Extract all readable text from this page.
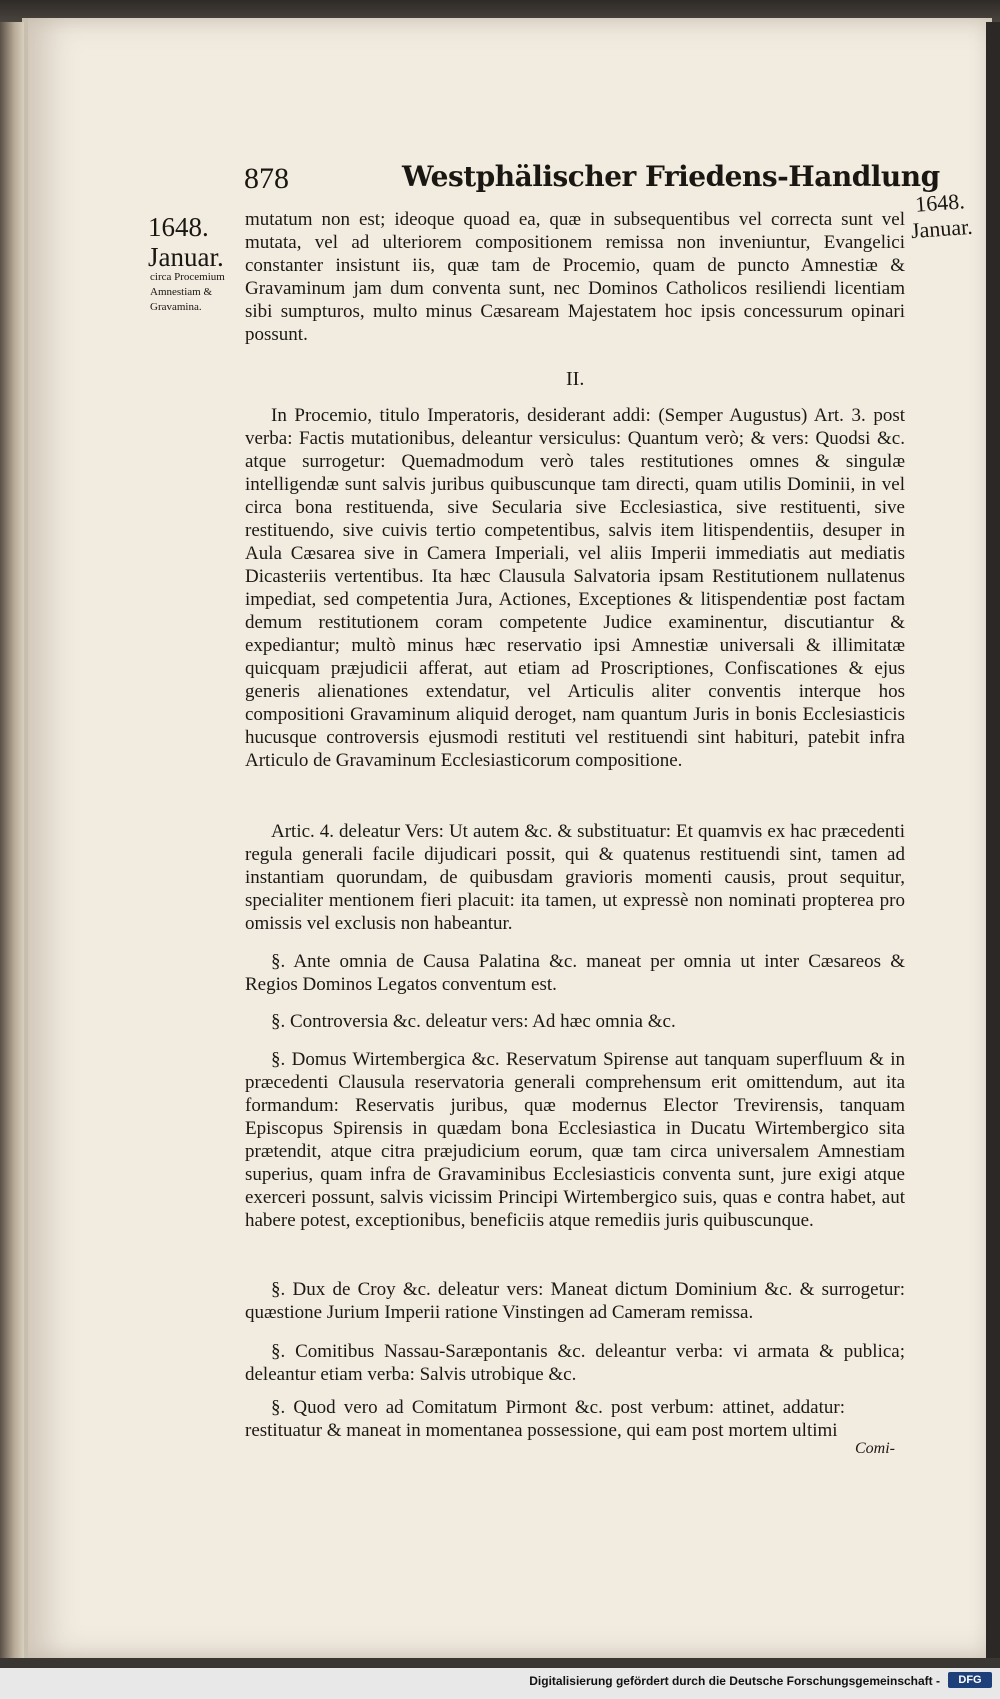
878	Westphälischer Friedens-Handlung
1648.
Januar.
circa Procemium Amnestiam & Gravamina.
1648.
Januar.
mutatum non est; ideoque quoad ea, quæ in subsequentibus vel correcta sunt vel mutata, vel ad ulteriorem compositionem remissa non inveniuntur, Evangelici constanter insistunt iis, quæ tam de Procemio, quam de puncto Amnestiæ & Gravaminum jam dum conventa sunt, nec Dominos Catholicos resiliendi licentiam sibi sumpturos, multo minus Cæsaream Majestatem hoc ipsis concessurum opinari possunt.
II.
In Procemio, titulo Imperatoris, desiderant addi: (Semper Augustus) Art. 3. post verba: Factis mutationibus, deleantur versiculus: Quantum verò; & vers: Quodsi &c. atque surrogetur: Quemadmodum verò tales restitutiones omnes & singulæ intelligendæ sunt salvis juribus quibuscunque tam directi, quam utilis Dominii, in vel circa bona restituenda, sive Secularia sive Ecclesiastica, sive restituenti, sive restituendo, sive cuivis tertio competentibus, salvis item litispendentiis, desuper in Aula Cæsarea sive in Camera Imperiali, vel aliis Imperii immediatis aut mediatis Dicasteriis vertentibus. Ita hæc Clausula Salvatoria ipsam Restitutionem nullatenus impediat, sed competentia Jura, Actiones, Exceptiones & litispendentiæ post factam demum restitutionem coram competente Judice examinentur, discutiantur & expediantur; multò minus hæc reservatio ipsi Amnestiæ universali & illimitatæ quicquam præjudicii afferat, aut etiam ad Proscriptiones, Confiscationes & ejus generis alienationes extendatur, vel Articulis aliter conventis interque hos compositioni Gravaminum aliquid deroget, nam quantum Juris in bonis Ecclesiasticis hucusque controversis ejusmodi restituti vel restituendi sint habituri, patebit infra Articulo de Gravaminum Ecclesiasticorum compositione.
Artic. 4. deleatur Vers: Ut autem &c. & substituatur: Et quamvis ex hac præcedenti regula generali facile dijudicari possit, qui & quatenus restituendi sint, tamen ad instantiam quorundam, de quibusdam gravioris momenti causis, prout sequitur, specialiter mentionem fieri placuit: ita tamen, ut expressè non nominati propterea pro omissis vel exclusis non habeantur.
§. Ante omnia de Causa Palatina &c. maneat per omnia ut inter Cæsareos & Regios Dominos Legatos conventum est.
§. Controversia &c. deleatur vers: Ad hæc omnia &c.
§. Domus Wirtembergica &c. Reservatum Spirense aut tanquam superfluum & in præcedenti Clausula reservatoria generali comprehensum erit omittendum, aut ita formandum: Reservatis juribus, quæ modernus Elector Trevirensis, tanquam Episcopus Spirensis in quædam bona Ecclesiastica in Ducatu Wirtembergico sita prætendit, atque citra præjudicium eorum, quæ tam circa universalem Amnestiam superius, quam infra de Gravaminibus Ecclesiasticis conventa sunt, jure exigi atque exerceri possunt, salvis vicissim Principi Wirtembergico suis, quas e contra habet, aut habere potest, exceptionibus, beneficiis atque remediis juris quibuscunque.
§. Dux de Croy &c. deleatur vers: Maneat dictum Dominium &c. & surrogetur: quæstione Jurium Imperii ratione Vinstingen ad Cameram remissa.
§. Comitibus Nassau-Saræpontanis &c. deleantur verba: vi armata & publica; deleantur etiam verba: Salvis utrobique &c.
§. Quod vero ad Comitatum Pirmont &c. post verbum: attinet, addatur: restituatur & maneat in momentanea possessione, qui eam post mortem ultimi
Comi-
Digitalisierung gefördert durch die Deutsche Forschungsgemeinschaft -	DFG
